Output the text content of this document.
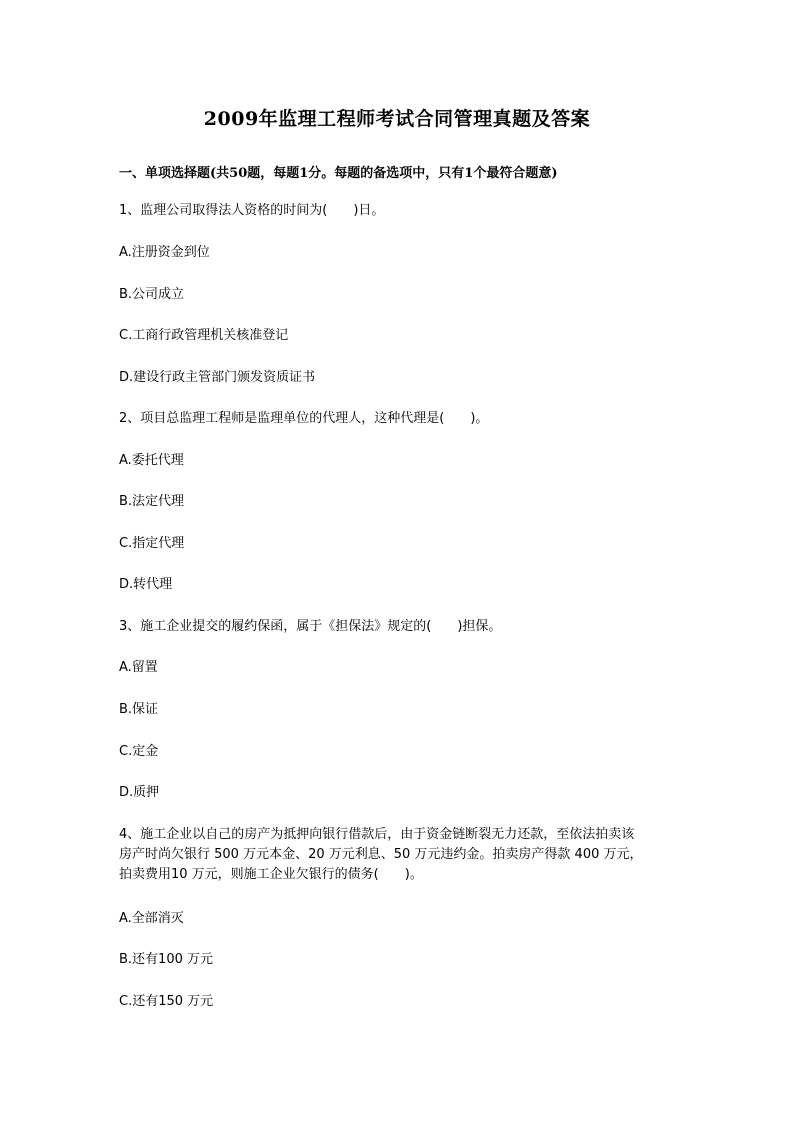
2009年监理工程师考试合同管理真题及答案
一、单项选择题(共50题，每题1分。每题的备选项中，只有1个最符合题意)
1、监理公司取得法人资格的时间为(　　)日。
A.注册资金到位
B.公司成立
C.工商行政管理机关核准登记
D.建设行政主管部门颁发资质证书
2、项目总监理工程师是监理单位的代理人，这种代理是(　　)。
A.委托代理
B.法定代理
C.指定代理
D.转代理
3、施工企业提交的履约保函，属于《担保法》规定的(　　)担保。
A.留置
B.保证
C.定金
D.质押
4、施工企业以自己的房产为抵押向银行借款后，由于资金链断裂无力还款，至依法拍卖该
房产时尚欠银行 500 万元本金、20 万元利息、50 万元违约金。拍卖房产得款 400 万元，
拍卖费用10 万元，则施工企业欠银行的债务(　　)。
A.全部消灭
B.还有100 万元
C.还有150 万元
